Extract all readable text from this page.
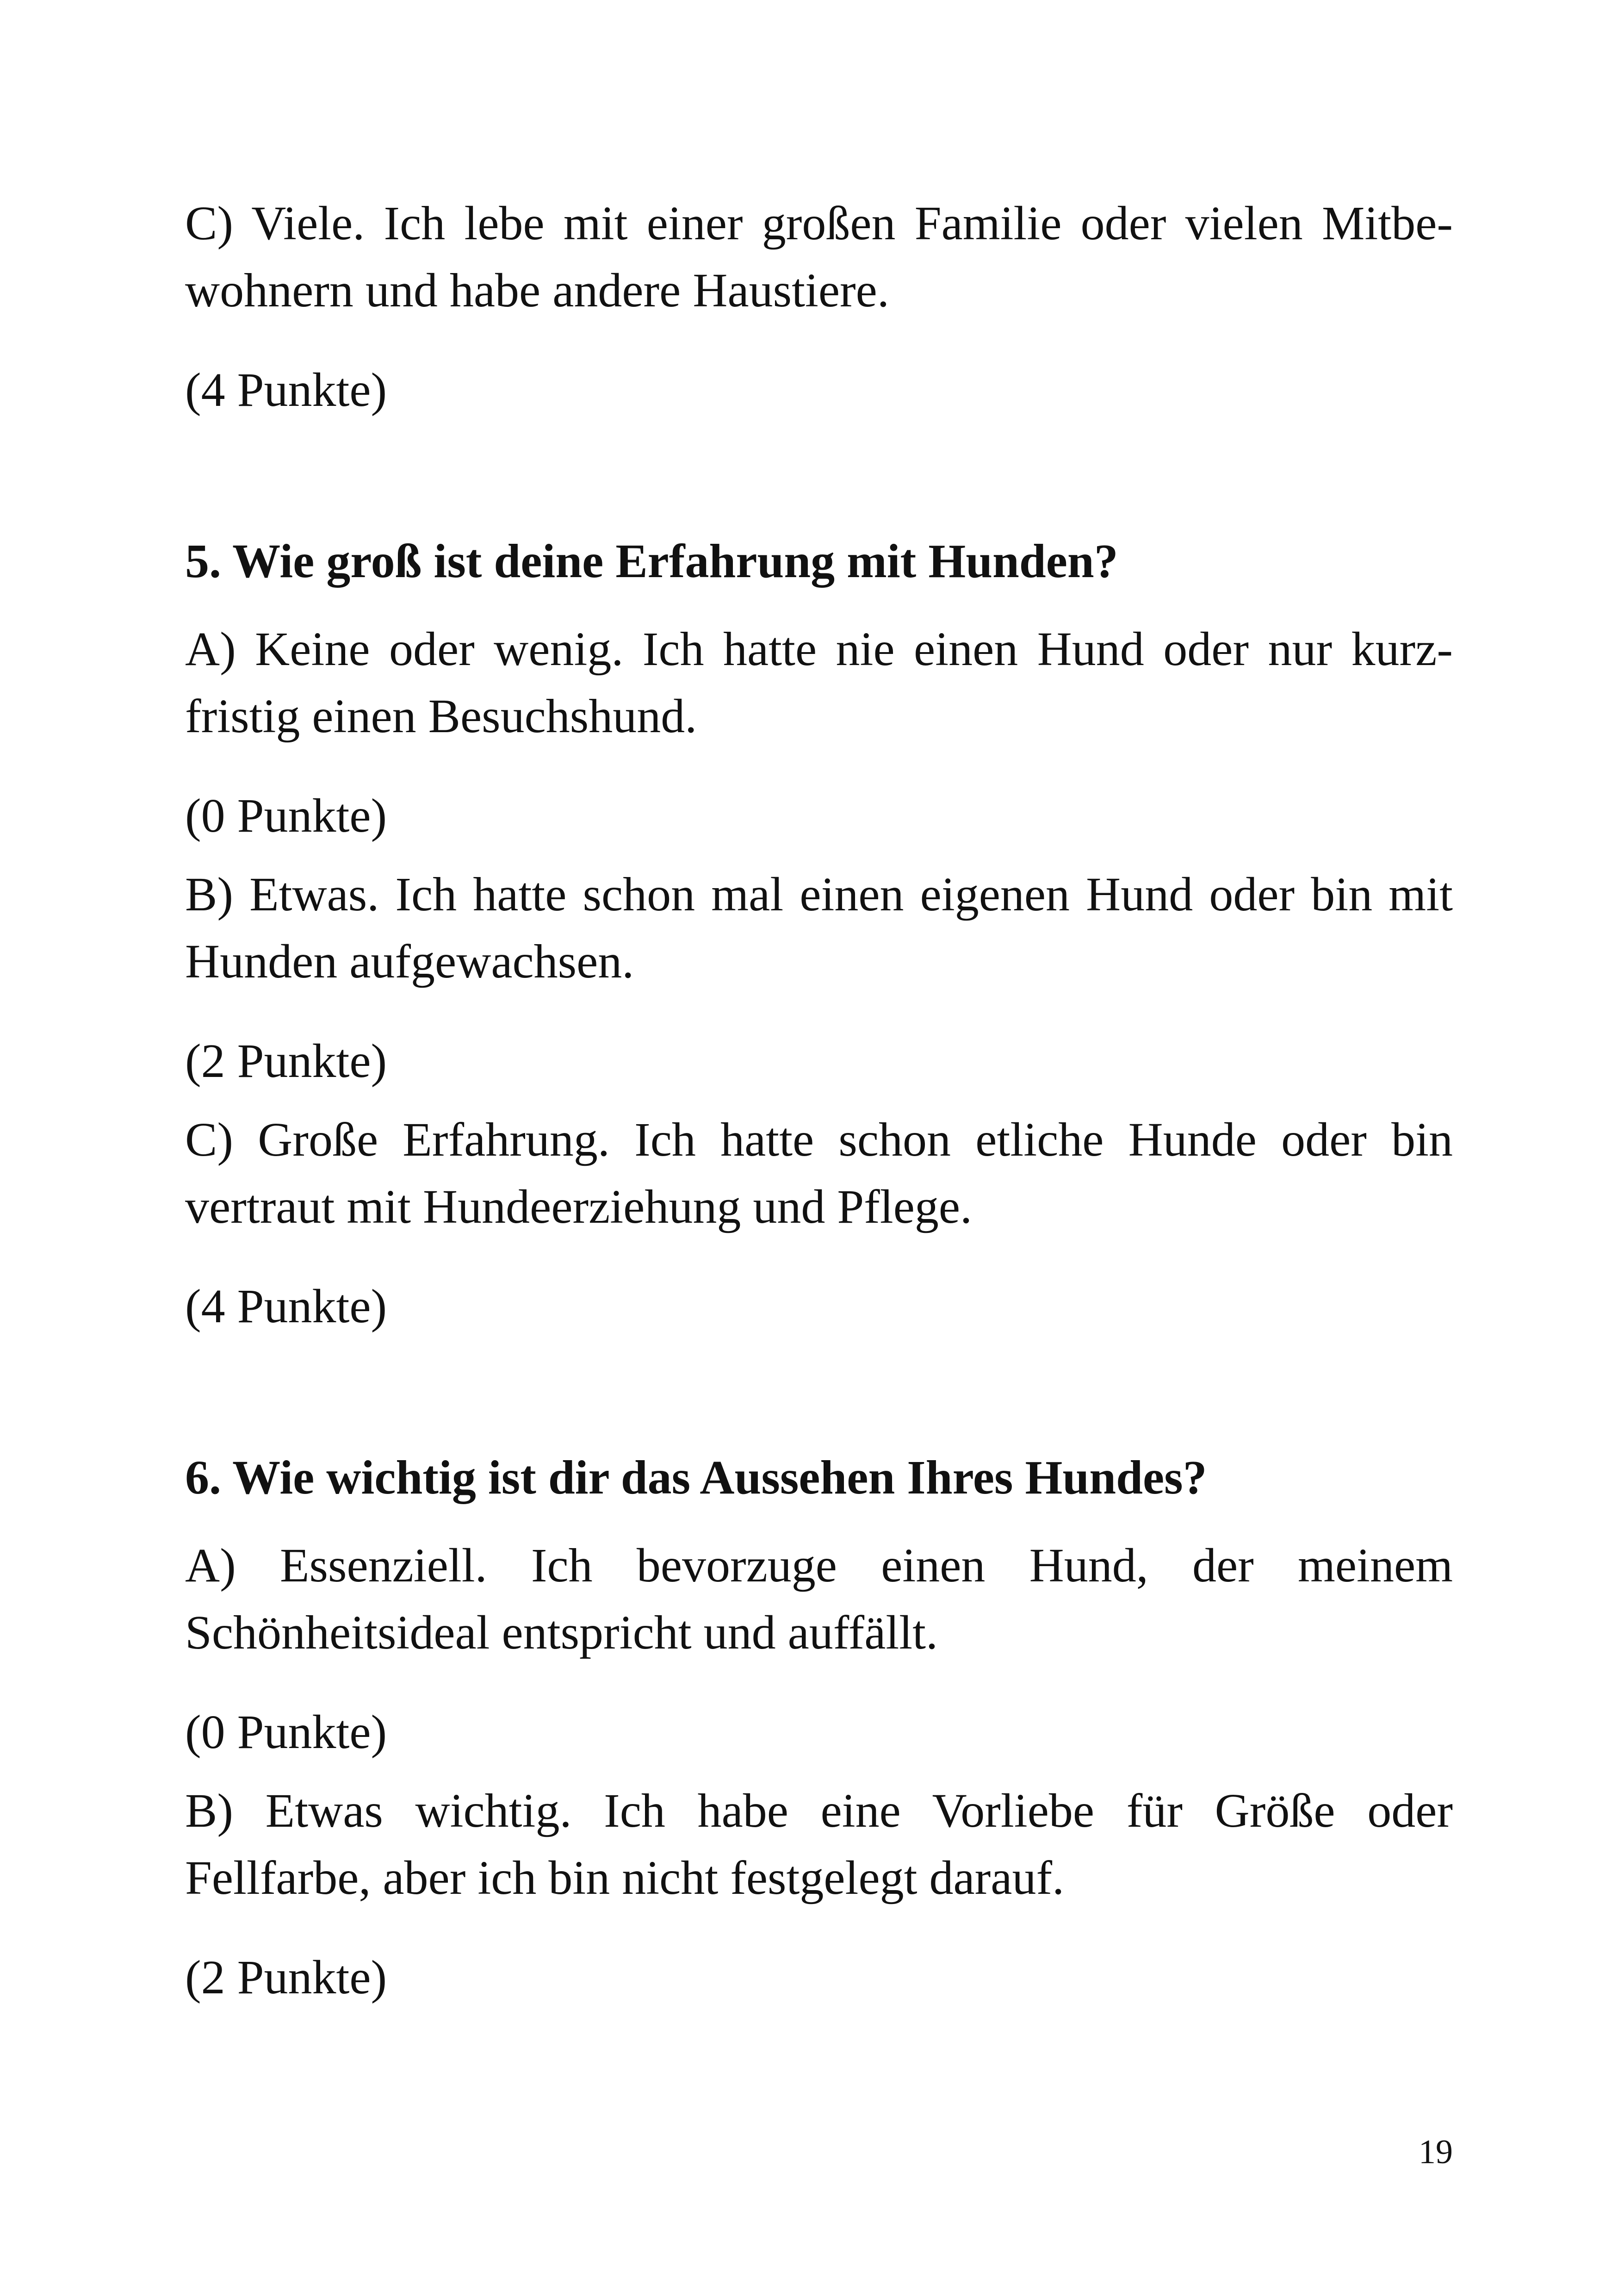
C) Viele. Ich lebe mit einer großen Familie oder vielen Mitbewohnern und habe andere Haustiere.

(4 Punkte)

5. Wie groß ist deine Erfahrung mit Hunden?

A) Keine oder wenig. Ich hatte nie einen Hund oder nur kurzfristig einen Besuchshund.

(0 Punkte)

B) Etwas. Ich hatte schon mal einen eigenen Hund oder bin mit Hunden aufgewachsen.

(2 Punkte)

C) Große Erfahrung. Ich hatte schon etliche Hunde oder bin vertraut mit Hundeerziehung und Pflege.

(4 Punkte)

6. Wie wichtig ist dir das Aussehen Ihres Hundes?

A) Essenziell. Ich bevorzuge einen Hund, der meinem Schönheitsideal entspricht und auffällt.

(0 Punkte)

B) Etwas wichtig. Ich habe eine Vorliebe für Größe oder Fellfarbe, aber ich bin nicht festgelegt darauf.

(2 Punkte)

19
